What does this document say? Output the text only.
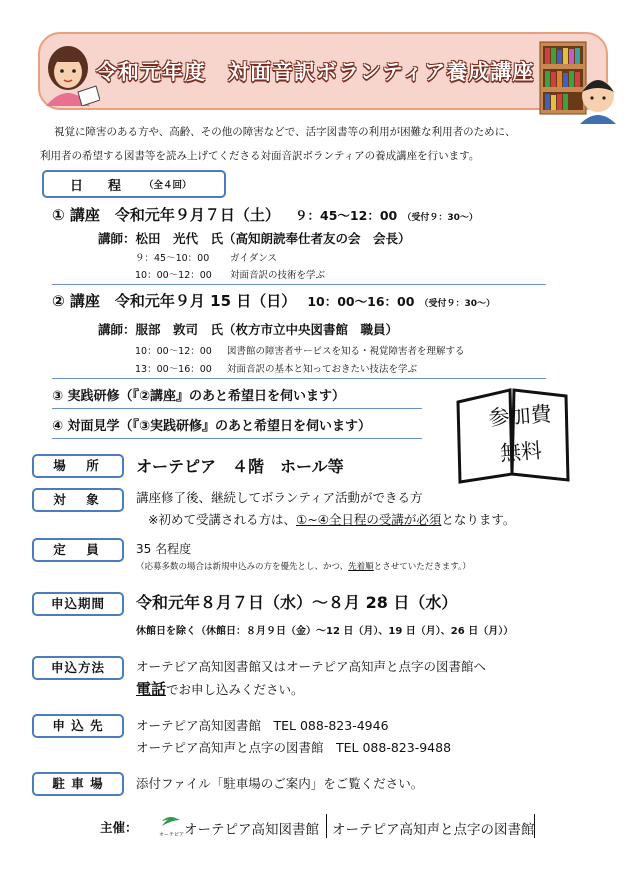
令和元年度　対面音訳ボランティア養成講座
視覚に障害のある方や、高齢、その他の障害などで、活字図書等の利用が困難な利用者のために、
利用者の希望する図書等を読み上げてくださる対面音訳ボランティアの養成講座を行います。
日　程 （全４回）
① 講座　令和元年９月７日（土） ９：45～12：00 （受付９：30～）
講師：松田　光代　氏（高知朗読奉仕者友の会　会長）
９：45～10：00 ガイダンス
10：00～12：00 対面音訳の技術を学ぶ
② 講座　令和元年９月 15 日（日） 10：00～16：00 （受付９：30～）
講師：服部　敦司　氏（枚方市立中央図書館　職員）
10：00～12：00 図書館の障害者サービスを知る・視覚障害者を理解する
13：00～16：00 対面音訳の基本と知っておきたい技法を学ぶ
③ 実践研修（『②講座』のあと希望日を伺います）
④ 対面見学（『③実践研修』のあと希望日を伺います）	参加費
無料
場　所	オーテピア　４階　ホール等
対　象	講座修了後、継続してボランティア活動ができる方
※初めて受講される方は、①~④全日程の受講が必須となります。
定　員	35 名程度
（応募多数の場合は新規申込みの方を優先とし、かつ、先着順とさせていただきます。）
申込期間	令和元年８月７日（水）～８月 28 日（水）
休館日を除く（休館日：８月９日（金）～12 日（月）、19 日（月）、26 日（月））
申込方法	オーテピア高知図書館又はオーテピア高知声と点字の図書館へ
電話でお申し込みください。
申 込 先	オーテピア高知図書館　TEL 088-823-4946
オーテピア高知声と点字の図書館　TEL 088-823-9488
駐 車 場	添付ファイル「駐車場のご案内」をご覧ください。
主催：	オーテピア オーテピア高知図書館 オーテピア高知声と点字の図書館
